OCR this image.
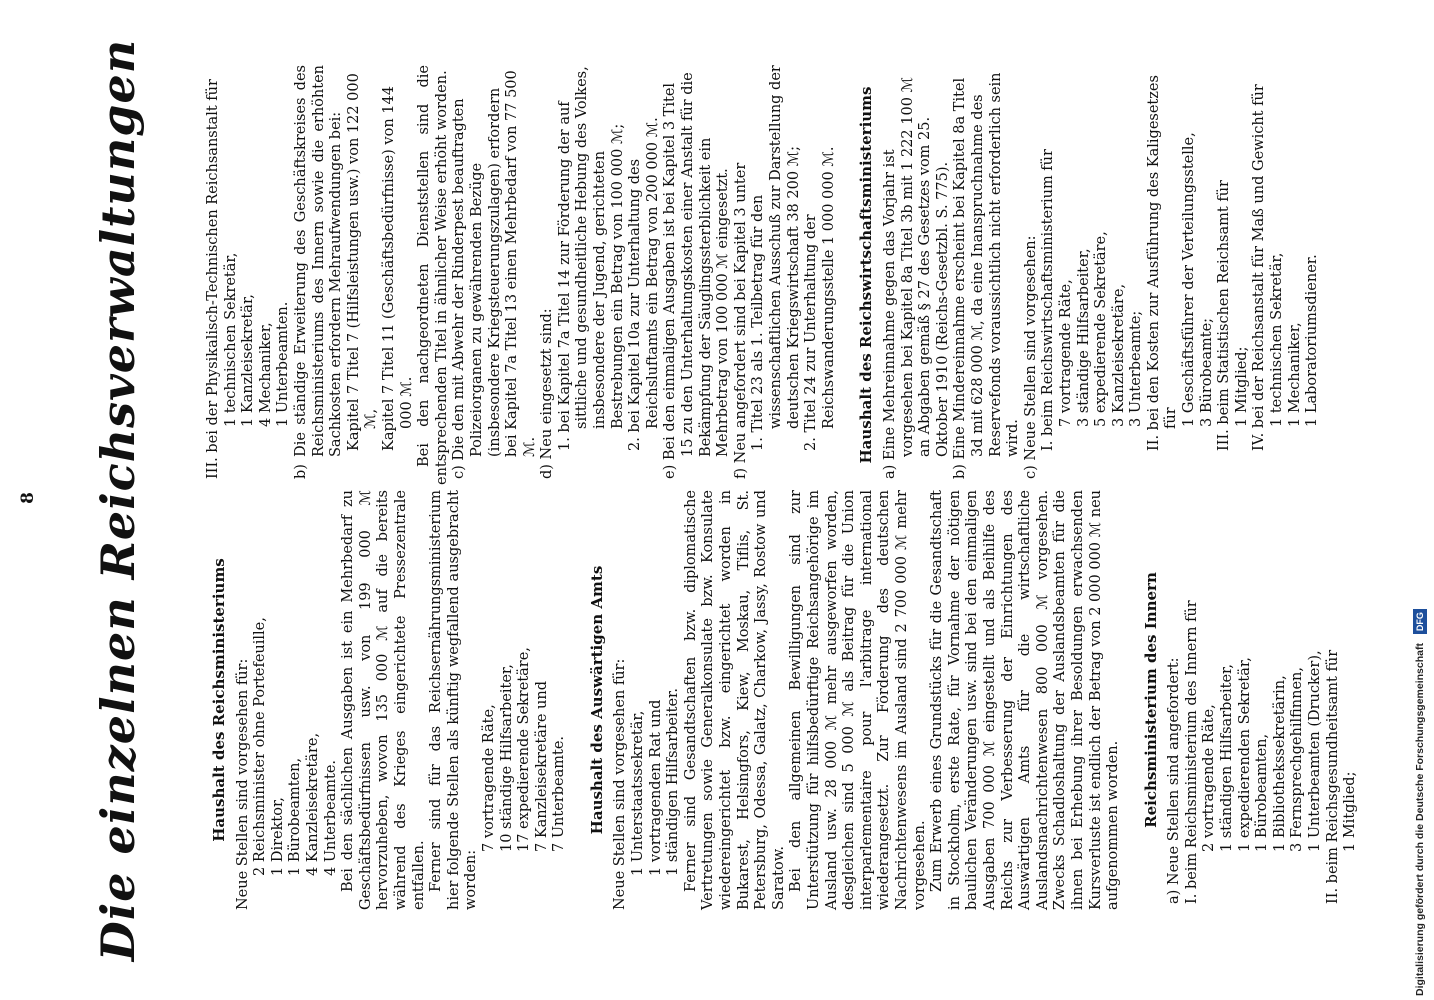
8 Die einzelnen Reichsverwaltungen	Haushalt des Reichsministeriums Neue Stellen sind vorgesehen für: 2 Reichsminister ohne Portefeuille, 1 Direktor, 1 Bürobeamten, 4 Kanzleisekretäre, 4 Unterbeamte. Bei den sächlichen Ausgaben ist ein Mehrbedarf zu Geschäftsbedürfnissen usw. von 199 000 ℳ hervorzuheben, wovon 135 000 ℳ auf die bereits während des Krieges eingerichtete Pressezentrale entfallen. Ferner sind für das Reichsernährungsministerium hier folgende Stellen als künftig wegfallend ausgebracht worden:

7 vortragende Räte, 10 ständige Hilfsarbeiter, 17 expedierende Sekretäre, 7 Kanzleisekretäre und 7 Unterbeamte. Haushalt des Auswärtigen Amts Neue Stellen sind vorgesehen für: 1 Unterstaatssekretär, 1 vortragenden Rat und 1 ständigen Hilfsarbeiter. Ferner sind Gesandtschaften bzw. diplomatische Vertretungen sowie Generalkonsulate bzw. Konsulate wiedereingerichtet bzw. eingerichtet worden in Bukarest, Helsingfors, Kiew, Moskau, Tiflis, St. Petersburg, Odessa, Galatz, Charkow, Jassy, Rostow und Saratow. Bei den allgemeinen Bewilligungen sind zur Unterstützung für hilfsbedürftige Reichsangehörige im Ausland usw. 28 000 ℳ mehr ausgeworfen worden, desgleichen sind 5 000 ℳ als Beitrag für die Union interparlementaire pour l'arbitrage international wiederangesetzt. Zur Förderung des deutschen Nachrichtenwesens im Ausland sind 2 700 000 ℳ mehr vorgesehen. Zum Erwerb eines Grundstücks für die Gesandtschaft in Stockholm, erste Rate, für Vornahme der nötigen baulichen Veränderungen usw. sind bei den einmaligen Ausgaben 700 000 ℳ eingestellt und als Beihilfe des Reichs zur Verbesserung der Einrichtungen des Auswärtigen Amts für die wirtschaftliche Auslandsnachrichtenwesen 800 000 ℳ vorgesehen. Zwecks Schadloshaltung der Auslandsbeamten für die ihnen bei Erhebung ihrer Besoldungen erwachsenden Kursverluste ist endlich der Betrag von 2 000 000 ℳ neu aufgenommen worden. Reichsministerium des Innern a) Neue Stellen sind angefordert: I. beim Reichsministerium des Innern für 2 vortragende Räte, 1 ständigen Hilfsarbeiter, 1 expedierenden Sekretär, 1 Bürobeamten, 1 Bibliothekssekretärin, 3 Fernsprechgehilfinnen, 1 Unterbeamten (Drucker), II. beim Reichsgesundheitsamt für 1 Mitglied;

III. bei der Physikalisch-Technischen Reichsanstalt für 1 technischen Sekretär, 1 Kanzleisekretär, 4 Mechaniker, 1 Unterbeamten. b) Die ständige Erweiterung des Geschäftskreises des Reichsministeriums des Innern sowie die erhöhten Sachkosten erfordern Mehraufwendungen bei: Kapitel 7 Titel 7 (Hilfsleistungen usw.) von 122 000 ℳ, Kapitel 7 Titel 11 (Geschäftsbedürfnisse) von 144 000 ℳ. Bei den nachgeordneten Dienststellen sind die entsprechenden Titel in ähnlicher Weise erhöht worden. c) Die den mit Abwehr der Rinderpest beauftragten Polizeiorganen zu gewährenden Bezüge (insbesondere Kriegsteuerungszulagen) erfordern bei Kapitel 7a Titel 13 einen Mehrbedarf von 77 500 ℳ. d) Neu eingesetzt sind: 1. bei Kapitel 7a Titel 14 zur Förderung der auf sittliche und gesundheitliche Hebung des Volkes, insbesondere der Jugend, gerichteten Bestrebungen ein Betrag von 100 000 ℳ; 2. bei Kapitel 10a zur Unterhaltung des Reichsluftamts ein Betrag von 200 000 ℳ. e) Bei den einmaligen Ausgaben ist bei Kapitel 3 Titel 15 zu den Unterhaltungskosten einer Anstalt für die Bekämpfung der Säuglingssterblichkeit ein Mehrbetrag von 100 000 ℳ eingesetzt. f) Neu angefordert sind bei Kapitel 3 unter 1. Titel 23 als 1. Teilbetrag für den wissenschaftlichen Ausschuß zur Darstellung der deutschen Kriegswirtschaft 38 200 ℳ; 2. Titel 24 zur Unterhaltung der Reichswanderungsstelle 1 000 000 ℳ. Haushalt des Reichswirtschaftsministeriums a) Eine Mehreinnahme gegen das Vorjahr ist vorgesehen bei Kapitel 8a Titel 3b mit 1 222 100 ℳ an Abgaben gemäß § 27 des Gesetzes vom 25. Oktober 1910 (Reichs-Gesetzbl. S. 775). b) Eine Mindereinnahme erscheint bei Kapitel 8a Titel 3d mit 628 000 ℳ, da eine Inanspruchnahme des Reservefonds voraussichtlich nicht erforderlich sein wird. c) Neue Stellen sind vorgesehen: I. beim Reichswirtschaftsministerium für 7 vortragende Räte, 3 ständige Hilfsarbeiter, 5 expedierende Sekretäre, 3 Kanzleisekretäre, 3 Unterbeamte; II. bei den Kosten zur Ausführung des Kaligesetzes für 1 Geschäftsführer der Verteilungsstelle, 3 Bürobeamte; III. beim Statistischen Reichsamt für 1 Mitglied; IV. bei der Reichsanstalt für Maß und Gewicht für 1 technischen Sekretär, 1 Mechaniker, 1 Laboratoriumsdiener.

Digitalisierung gefördert durch die Deutsche Forschungsgemeinschaft DFG
